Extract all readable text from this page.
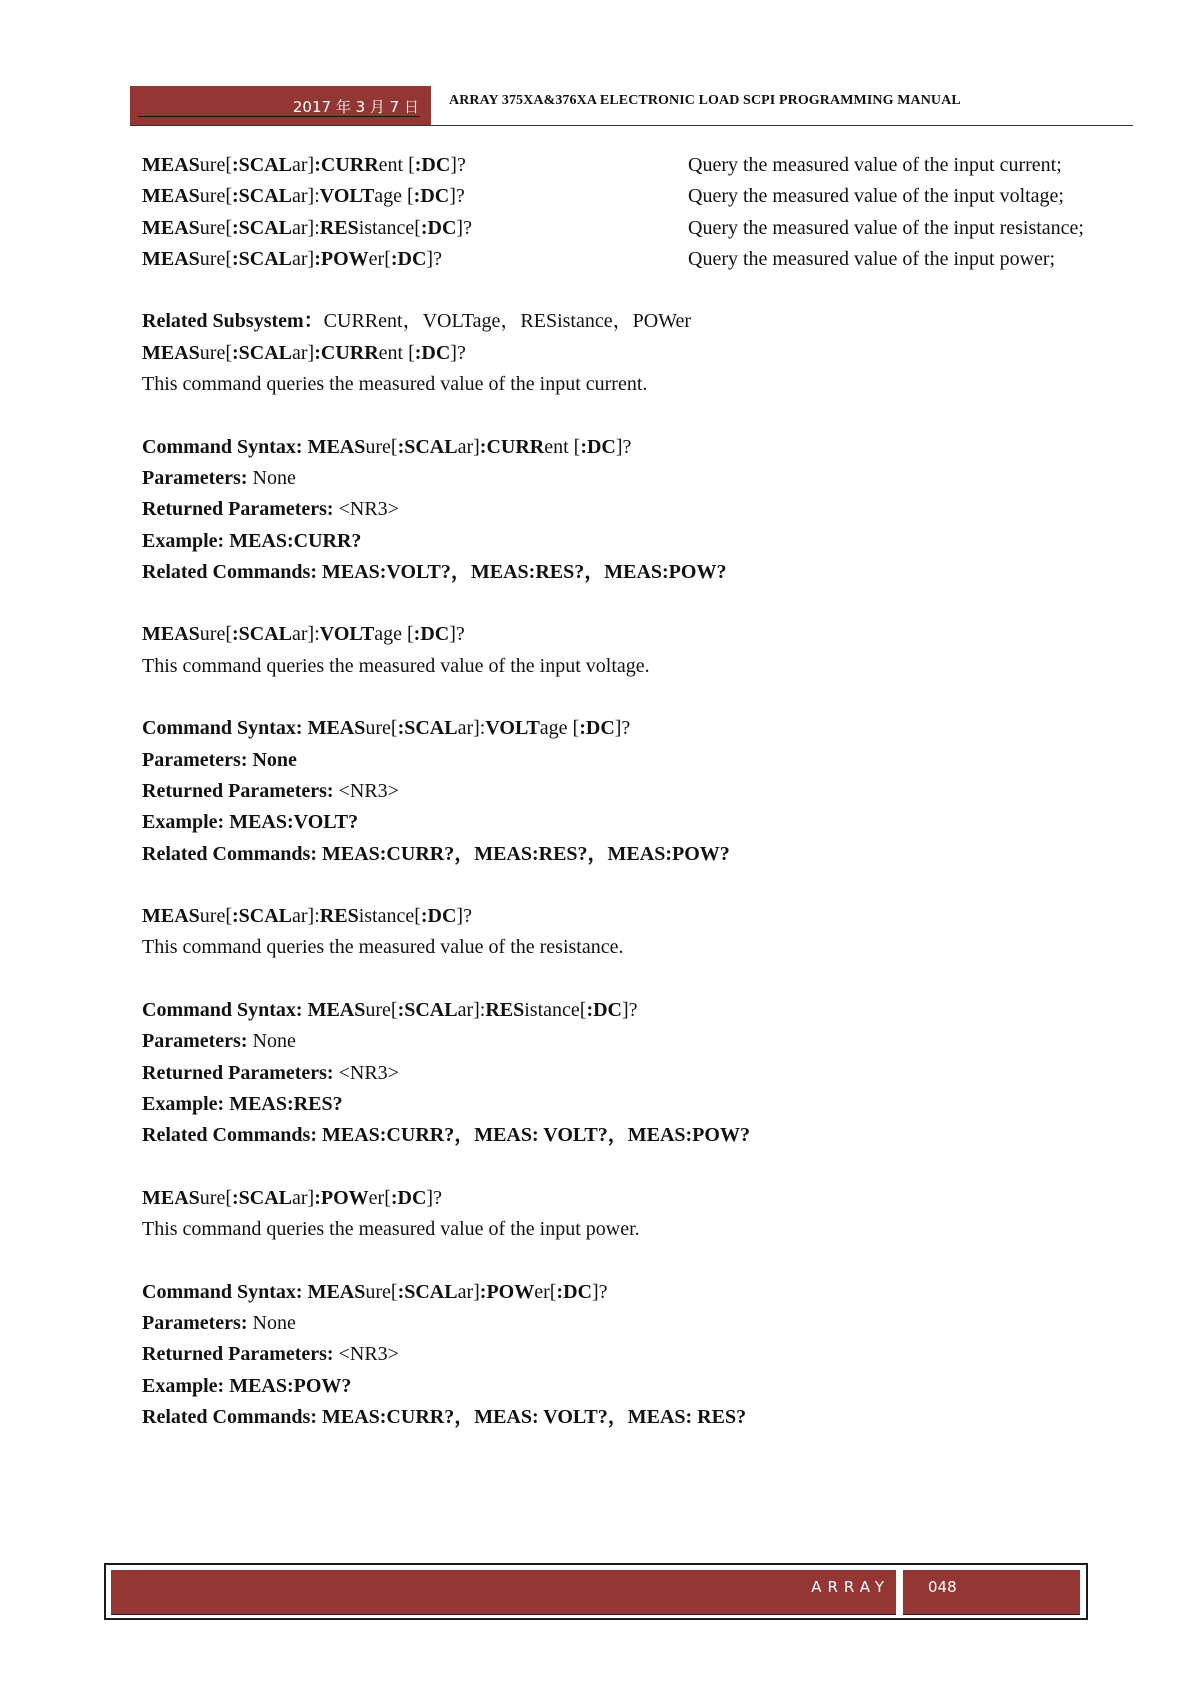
2017 年 3 月 7 日	ARRAY 375XA&376XA ELECTRONIC LOAD SCPI PROGRAMMING MANUAL
MEASure[:SCALar]:CURRent [:DC]?	Query the measured value of the input current;
MEASure[:SCALar]:VOLTage [:DC]?	Query the measured value of the input voltage;
MEASure[:SCALar]:RESistance[:DC]?	Query the measured value of the input resistance;
MEASure[:SCALar]:POWer[:DC]?	Query the measured value of the input power;
Related Subsystem：CURRent，VOLTage，RESistance，POWer
MEASure[:SCALar]:CURRent [:DC]?
This command queries the measured value of the input current.
Command Syntax: MEASure[:SCALar]:CURRent [:DC]?
Parameters: None
Returned Parameters: <NR3>
Example: MEAS:CURR?
Related Commands: MEAS:VOLT?，MEAS:RES?，MEAS:POW?
MEASure[:SCALar]:VOLTage [:DC]?
This command queries the measured value of the input voltage.
Command Syntax: MEASure[:SCALar]:VOLTage [:DC]?
Parameters: None
Returned Parameters: <NR3>
Example: MEAS:VOLT?
Related Commands: MEAS:CURR?，MEAS:RES?，MEAS:POW?
MEASure[:SCALar]:RESistance[:DC]?
This command queries the measured value of the resistance.
Command Syntax: MEASure[:SCALar]:RESistance[:DC]?
Parameters: None
Returned Parameters: <NR3>
Example: MEAS:RES?
Related Commands: MEAS:CURR?，MEAS: VOLT?，MEAS:POW?
MEASure[:SCALar]:POWer[:DC]?
This command queries the measured value of the input power.
Command Syntax: MEASure[:SCALar]:POWer[:DC]?
Parameters: None
Returned Parameters: <NR3>
Example: MEAS:POW?
Related Commands: MEAS:CURR?，MEAS: VOLT?，MEAS: RES?
ARRAY	048
